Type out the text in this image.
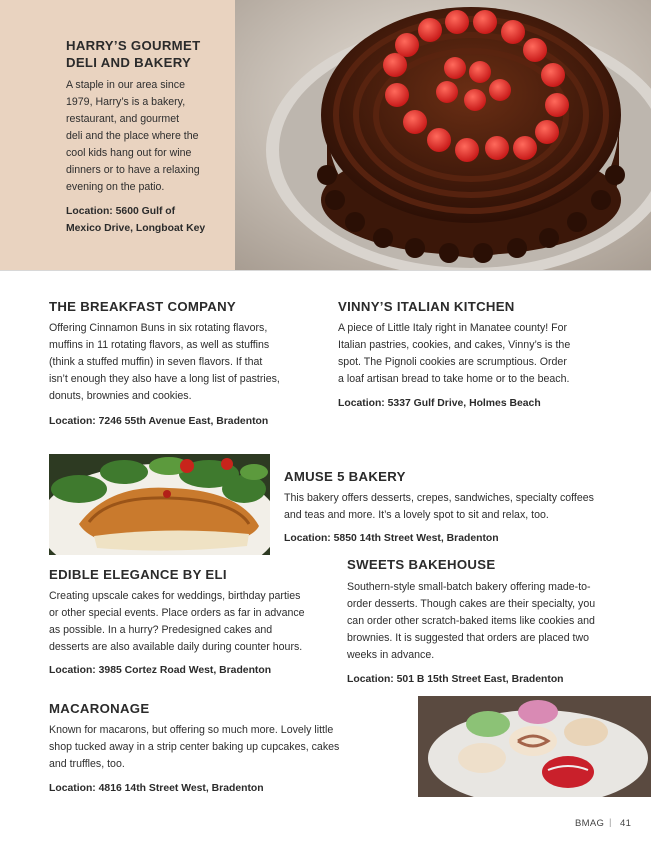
HARRY’S GOURMET
DELI AND BAKERY
A staple in our area since
1979, Harry’s is a bakery,
restaurant, and gourmet
deli and the place where the
cool kids hang out for wine
dinners or to have a relaxing
evening on the patio.
Location: 5600 Gulf of
Mexico Drive, Longboat Key
THE BREAKFAST COMPANY
Offering Cinnamon Buns in six rotating flavors,
muffins in 11 rotating flavors, as well as stuffins
(think a stuffed muffin) in seven flavors. If that
isn’t enough they also have a long list of pastries,
donuts, brownies and cookies.
Location: 7246 55th Avenue East, Bradenton
VINNY’S ITALIAN KITCHEN
A piece of Little Italy right in Manatee county! For
Italian pastries, cookies, and cakes, Vinny’s is the
spot. The Pignoli cookies are scrumptious. Order
a loaf artisan bread to take home or to the beach.
Location: 5337 Gulf Drive, Holmes Beach
AMUSE 5 BAKERY
This bakery offers desserts, crepes, sandwiches, specialty coffees
and teas and more. It’s a lovely spot to sit and relax, too.
Location: 5850 14th Street West, Bradenton
EDIBLE ELEGANCE BY ELI
Creating upscale cakes for weddings, birthday parties
or other special events. Place orders as far in advance
as possible. In a hurry? Predesigned cakes and
desserts are also available daily during counter hours.
Location: 3985 Cortez Road West, Bradenton
SWEETS BAKEHOUSE
Southern-style small-batch bakery offering made-to-
order desserts. Though cakes are their specialty, you
can order other scratch-baked items like cookies and
brownies. It is suggested that orders are placed two
weeks in advance.
Location: 501 B 15th Street East, Bradenton
MACARONAGE
Known for macarons, but offering so much more. Lovely little
shop tucked away in a strip center baking up cupcakes, cakes
and truffles, too.
Location: 4816 14th Street West, Bradenton
BMAG | 41
